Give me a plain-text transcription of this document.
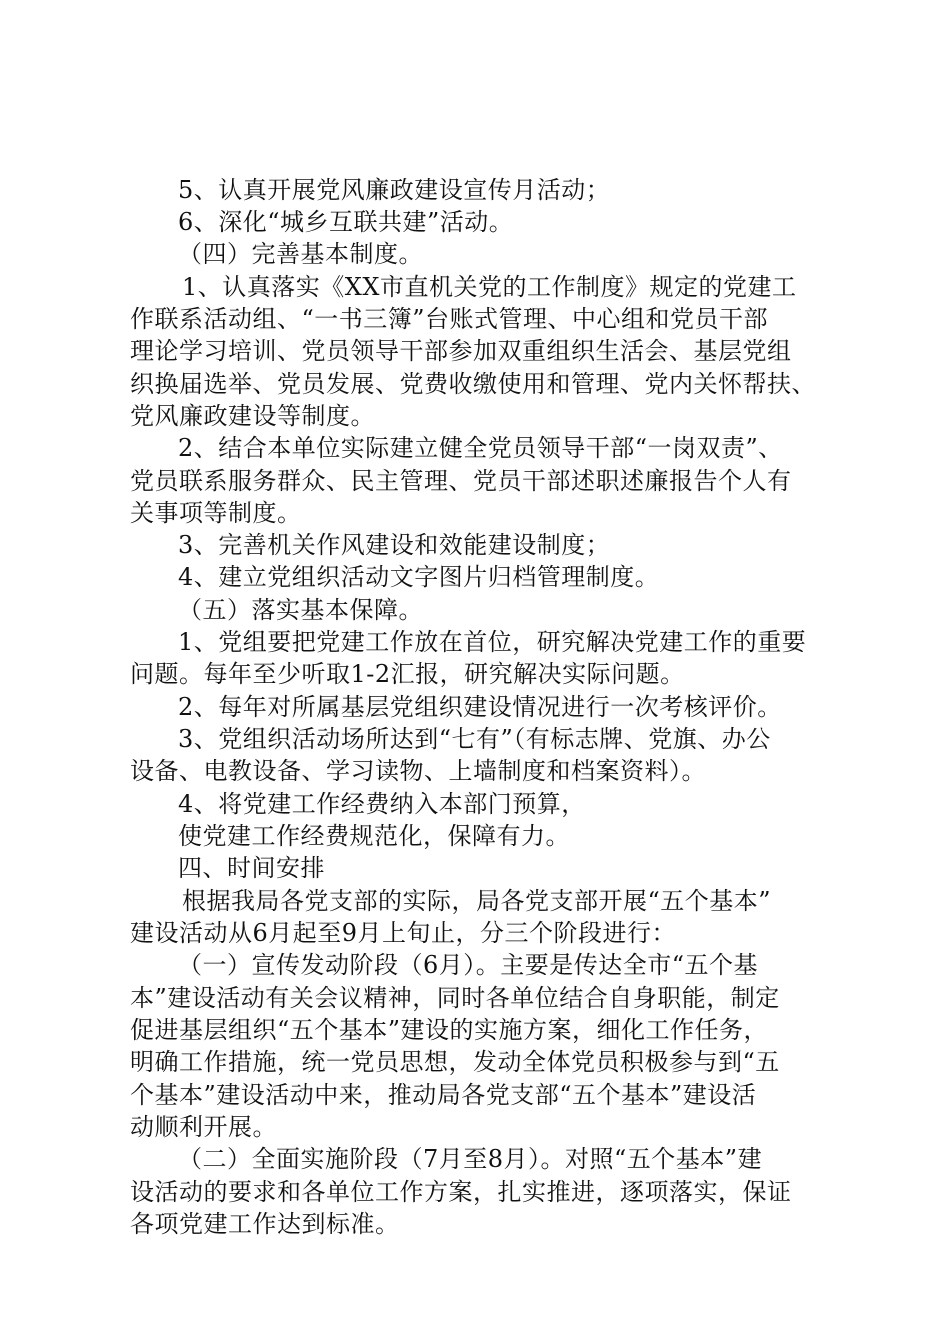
5、认真开展党风廉政建设宣传月活动；
6、深化“城乡互联共建”活动。
（四）完善基本制度。
1、认真落实《XX市直机关党的工作制度》规定的党建工
作联系活动组、“一书三簿”台账式管理、中心组和党员干部
理论学习培训、党员领导干部参加双重组织生活会、基层党组
织换届选举、党员发展、党费收缴使用和管理、党内关怀帮扶、
党风廉政建设等制度。
2、结合本单位实际建立健全党员领导干部“一岗双责”、
党员联系服务群众、民主管理、党员干部述职述廉报告个人有
关事项等制度。
3、完善机关作风建设和效能建设制度；
4、建立党组织活动文字图片归档管理制度。
（五）落实基本保障。
1、党组要把党建工作放在首位，研究解决党建工作的重要
问题。每年至少听取1-2汇报，研究解决实际问题。
2、每年对所属基层党组织建设情况进行一次考核评价。
3、党组织活动场所达到“七有”（有标志牌、党旗、办公
设备、电教设备、学习读物、上墙制度和档案资料）。
4、将党建工作经费纳入本部门预算，
使党建工作经费规范化，保障有力。
四、时间安排
根据我局各党支部的实际，局各党支部开展“五个基本”
建设活动从6月起至9月上旬止，分三个阶段进行：
（一）宣传发动阶段（6月）。主要是传达全市“五个基
本”建设活动有关会议精神，同时各单位结合自身职能，制定
促进基层组织“五个基本”建设的实施方案，细化工作任务，
明确工作措施，统一党员思想，发动全体党员积极参与到“五
个基本”建设活动中来，推动局各党支部“五个基本”建设活
动顺利开展。
（二）全面实施阶段（7月至8月）。对照“五个基本”建
设活动的要求和各单位工作方案，扎实推进，逐项落实，保证
各项党建工作达到标准。
